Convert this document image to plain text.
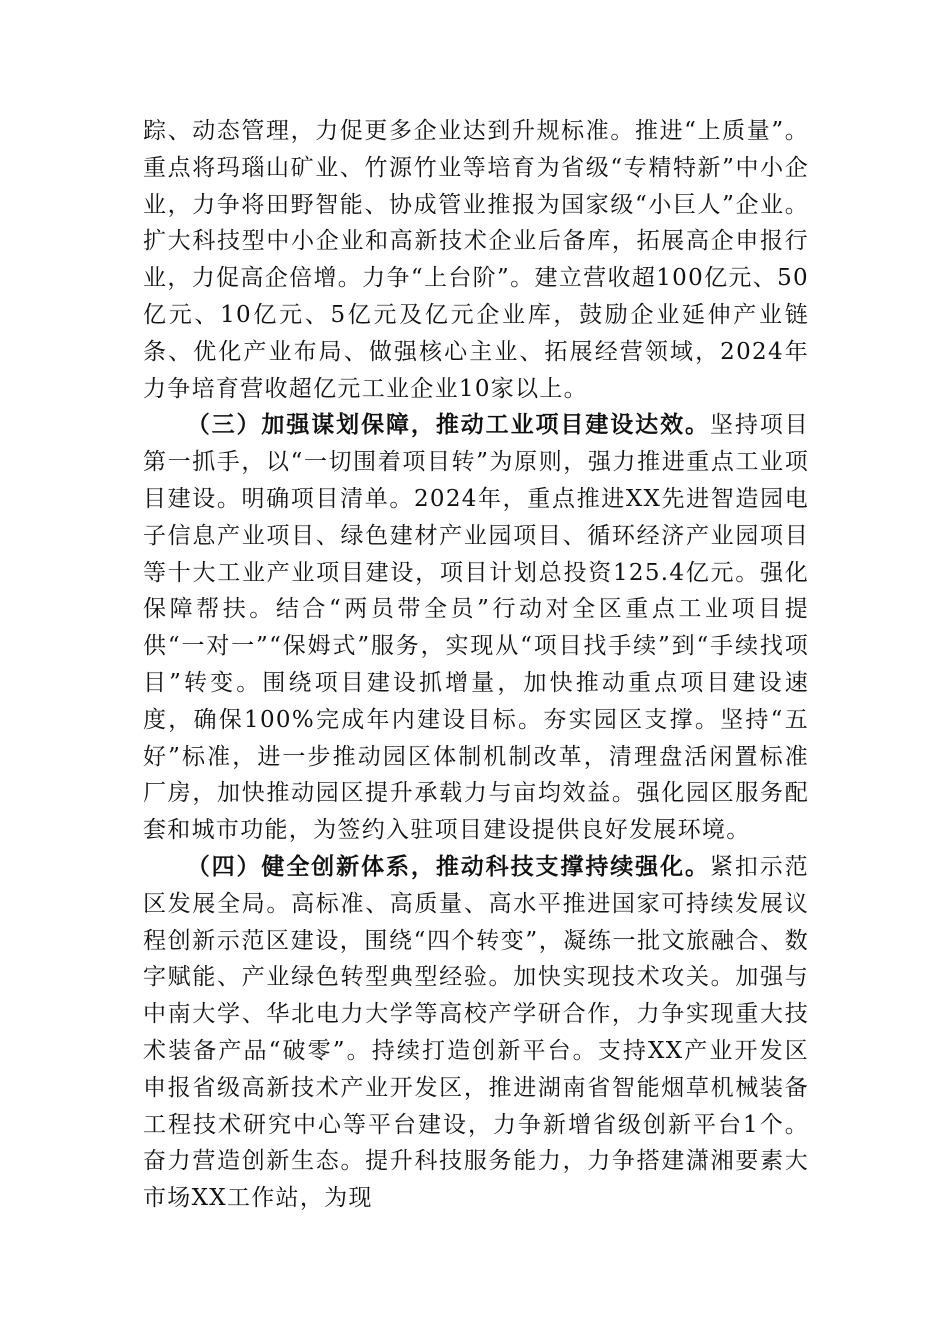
踪、动态管理，力促更多企业达到升规标准。推进“上质量”。重点将玛瑙山矿业、竹源竹业等培育为省级“专精特新”中小企业，力争将田野智能、协成管业推报为国家级“小巨人”企业。扩大科技型中小企业和高新技术企业后备库，拓展高企申报行业，力促高企倍增。力争“上台阶”。建立营收超100亿元、50亿元、10亿元、5亿元及亿元企业库，鼓励企业延伸产业链条、优化产业布局、做强核心主业、拓展经营领域，2024年力争培育营收超亿元工业企业10家以上。

（三）加强谋划保障，推动工业项目建设达效。坚持项目第一抓手，以“一切围着项目转”为原则，强力推进重点工业项目建设。明确项目清单。2024年，重点推进XX先进智造园电子信息产业项目、绿色建材产业园项目、循环经济产业园项目等十大工业产业项目建设，项目计划总投资125.4亿元。强化保障帮扶。结合“两员带全员”行动对全区重点工业项目提供“一对一”“保姆式”服务，实现从“项目找手续”到“手续找项目”转变。围绕项目建设抓增量，加快推动重点项目建设速度，确保100%完成年内建设目标。夯实园区支撑。坚持“五好”标准，进一步推动园区体制机制改革，清理盘活闲置标准厂房，加快推动园区提升承载力与亩均效益。强化园区服务配套和城市功能，为签约入驻项目建设提供良好发展环境。

（四）健全创新体系，推动科技支撑持续强化。紧扣示范区发展全局。高标准、高质量、高水平推进国家可持续发展议程创新示范区建设，围绕“四个转变”，凝练一批文旅融合、数字赋能、产业绿色转型典型经验。加快实现技术攻关。加强与中南大学、华北电力大学等高校产学研合作，力争实现重大技术装备产品“破零”。持续打造创新平台。支持XX产业开发区申报省级高新技术产业开发区，推进湖南省智能烟草机械装备工程技术研究中心等平台建设，力争新增省级创新平台1个。奋力营造创新生态。提升科技服务能力，力争搭建潇湘要素大市场XX工作站，为现
